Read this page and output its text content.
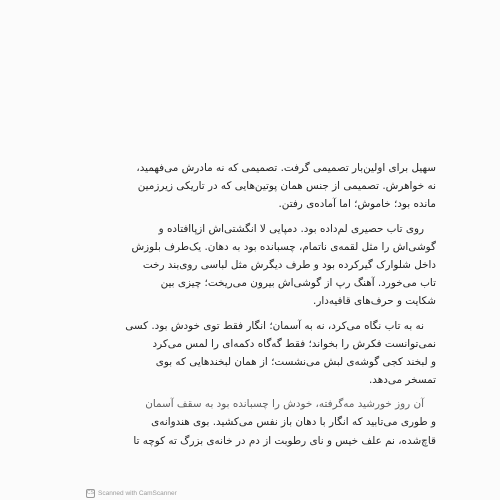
سهیل برای اولین‌بار تصمیمی گرفت. تصمیمی که نه مادرش می‌فهمید،
نه خواهرش. تصمیمی از جنس همان پوتین‌هایی که در تاریکی زیرزمین
مانده بود؛ خاموش؛ اما آماده‌ی رفتن.

روی تاب حصیری لم‌داده بود. دمپایی لا انگشتی‌اش ازپاافتاده و
گوشی‌اش را مثل لقمه‌ی ناتمام، چسبانده بود به دهان. یک‌طرف بلوزش
داخل شلوارک گیرکرده بود و طرف دیگرش مثل لباسی روی‌بند رخت
تاب می‌خورد. آهنگ رپ از گوشی‌اش بیرون می‌ریخت؛ چیزی بین
شکایت و حرف‌های قافیه‌دار.

نه به تاب نگاه می‌کرد، نه به آسمان؛ انگار فقط توی خودش بود. کسی
نمی‌توانست فکرش را بخواند؛ فقط گه‌گاه دکمه‌ای را لمس می‌کرد
و لبخند کجی گوشه‌ی لبش می‌نشست؛ از همان لبخندهایی که بوی
تمسخر می‌دهد.

آن روز خورشید مه‌گرفته، خودش را چسبانده بود به سقف آسمان
و طوری می‌تابید که انگار با دهان باز نفس می‌کشید. بوی هندوانه‌ی
قاچ‌شده، نم علف خیس و نای رطوبت از دم در خانه‌ی بزرگ ته کوچه تا

CS Scanned with CamScanner
